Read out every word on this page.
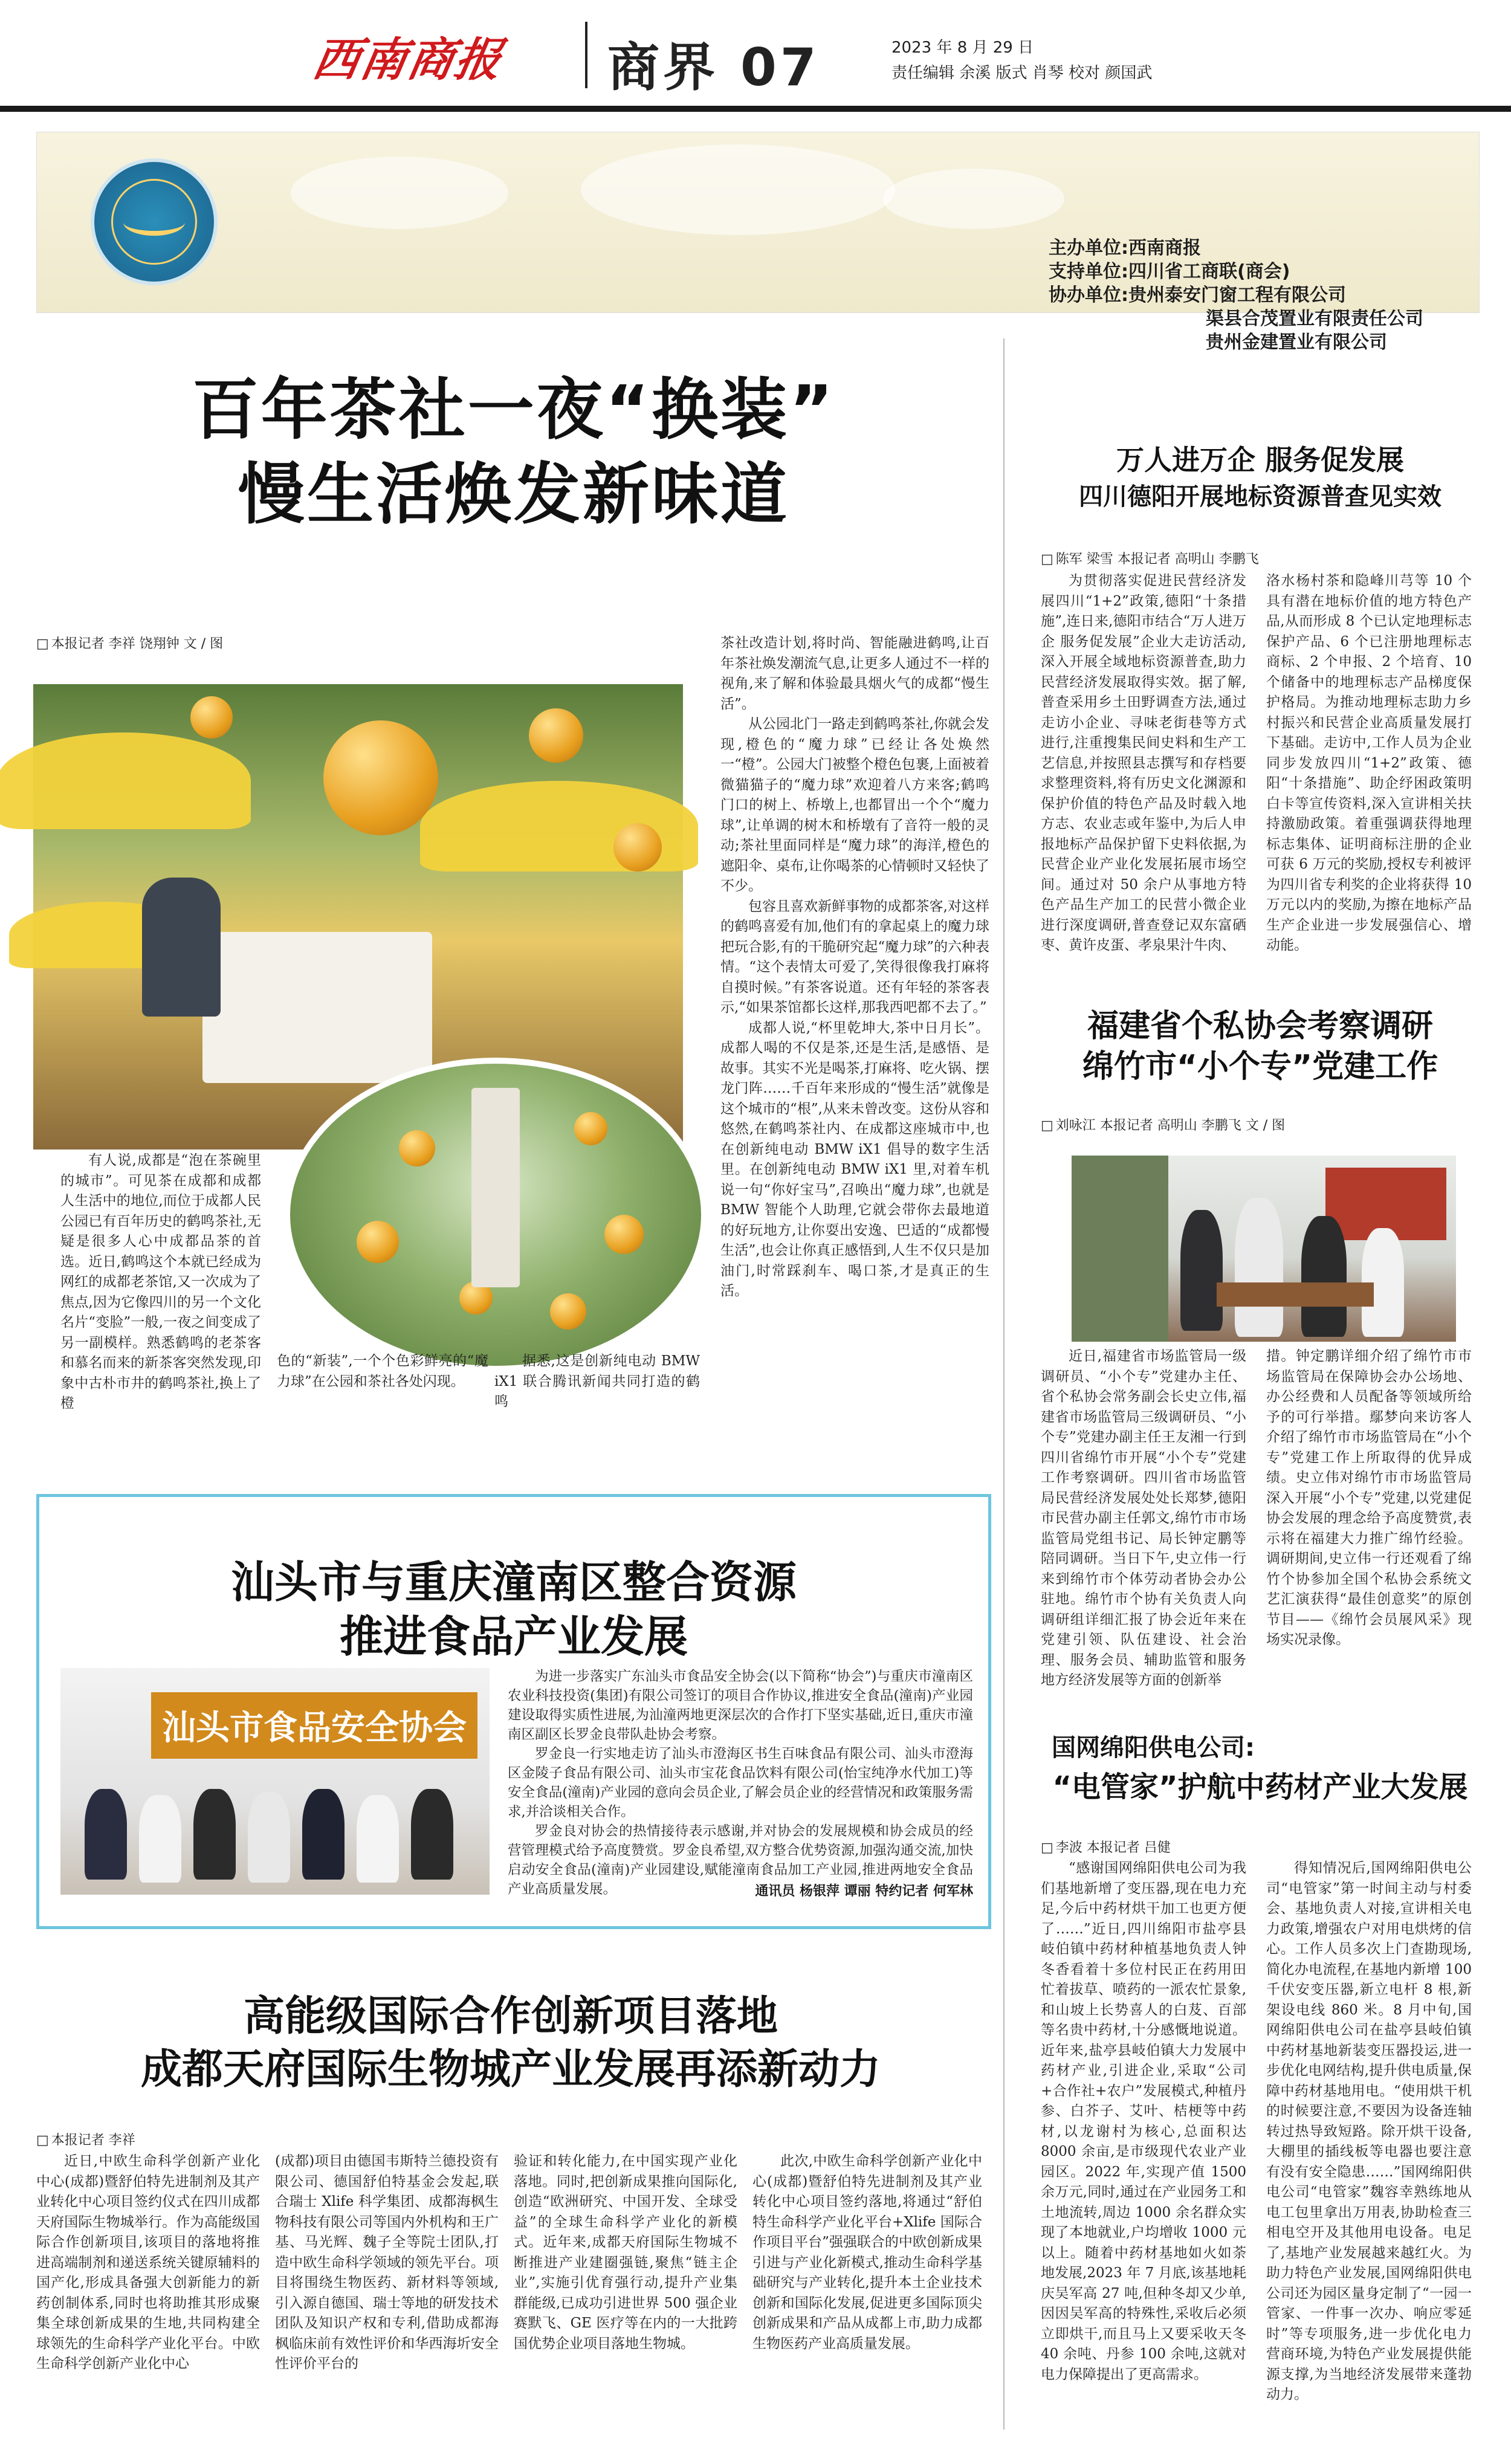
西南商报 商界 07	2023 年 8 月 29 日
责任编辑 余溪 版式 肖琴 校对 颜国武
主办单位:西南商报
支持单位:四川省工商联(商会)
协办单位:贵州泰安门窗工程有限公司
渠县合茂置业有限责任公司
贵州金建置业有限公司
百年茶社一夜“换装”
慢生活焕发新味道
□ 本报记者 李祥 饶翔钟 文 / 图

有人说,成都是“泡在茶碗里的城市”。可见茶在成都和成都人生活中的地位,而位于成都人民公园已有百年历史的鹤鸣茶社,无疑是很多人心中成都品茶的首选。近日,鹤鸣这个本就已经成为网红的成都老茶馆,又一次成为了焦点,因为它像四川的另一个文化名片“变脸”一般,一夜之间变成了另一副模样。熟悉鹤鸣的老茶客和慕名而来的新茶客突然发现,印象中古朴市井的鹤鸣茶社,换上了橙

色的“新装”,一个个色彩鲜亮的“魔力球”在公园和茶社各处闪现。

据悉,这是创新纯电动 BMW iX1 联合腾讯新闻共同打造的鹤鸣

茶社改造计划,将时尚、智能融进鹤鸣,让百年茶社焕发潮流气息,让更多人通过不一样的视角,来了解和体验最具烟火气的成都“慢生活”。

从公园北门一路走到鹤鸣茶社,你就会发现,橙色的“魔力球”已经让各处焕然一“橙”。公园大门被整个橙色包裹,上面被着微猫猫子的“魔力球”欢迎着八方来客;鹤鸣门口的树上、桥墩上,也都冒出一个个“魔力球”,让单调的树木和桥墩有了音符一般的灵动;茶社里面同样是“魔力球”的海洋,橙色的遮阳伞、桌布,让你喝茶的心情顿时又轻快了不少。

包容且喜欢新鲜事物的成都茶客,对这样的鹤鸣喜爱有加,他们有的拿起桌上的魔力球把玩合影,有的干脆研究起“魔力球”的六种表情。“这个表情太可爱了,笑得很像我打麻将自摸时候。”有茶客说道。还有年轻的茶客表示,“如果茶馆都长这样,那我西吧都不去了。”

成都人说,“杯里乾坤大,茶中日月长”。成都人喝的不仅是茶,还是生活,是感悟、是故事。其实不光是喝茶,打麻将、吃火锅、摆龙门阵……千百年来形成的“慢生活”就像是这个城市的“根”,从来未曾改变。这份从容和悠然,在鹤鸣茶社内、在成都这座城市中,也在创新纯电动 BMW iX1 倡导的数字生活里。在创新纯电动 BMW iX1 里,对着车机说一句“你好宝马”,召唤出“魔力球”,也就是 BMW 智能个人助理,它就会带你去最地道的好玩地方,让你耍出安逸、巴适的“成都慢生活”,也会让你真正感悟到,人生不仅只是加油门,时常踩刹车、喝口茶,才是真正的生活。

万人进万企 服务促发展
四川德阳开展地标资源普查见实效
□ 陈军 梁雪 本报记者 高明山 李鹏飞

为贯彻落实促进民营经济发展四川“1+2”政策,德阳“十条措施”,连日来,德阳市结合“万人进万企 服务促发展”企业大走访活动,深入开展全域地标资源普查,助力民营经济发展取得实效。据了解,普查采用乡土田野调查方法,通过走访小企业、寻味老街巷等方式进行,注重搜集民间史料和生产工艺信息,并按照县志撰写和存档要求整理资料,将有历史文化渊源和保护价值的特色产品及时载入地方志、农业志或年鉴中,为后人申报地标产品保护留下史料依据,为民营企业产业化发展拓展市场空间。通过对 50 余户从事地方特色产品生产加工的民营小微企业进行深度调研,普查登记双东富硒枣、黄许皮蛋、孝泉果汁牛肉、

洛水杨村茶和隐峰川芎等 10 个具有潜在地标价值的地方特色产品,从而形成 8 个已认定地理标志保护产品、6 个已注册地理标志商标、2 个申报、2 个培育、10 个储备中的地理标志产品梯度保护格局。为推动地理标志助力乡村振兴和民营企业高质量发展打下基础。走访中,工作人员为企业同步发放四川“1+2”政策、德阳“十条措施”、助企纾困政策明白卡等宣传资料,深入宣讲相关扶持激励政策。着重强调获得地理标志集体、证明商标注册的企业可获 6 万元的奖励,授权专利被评为四川省专利奖的企业将获得 10 万元以内的奖励,为擦在地标产品生产企业进一步发展强信心、增动能。

福建省个私协会考察调研
绵竹市“小个专”党建工作
□ 刘咏江 本报记者 高明山 李鹏飞 文 / 图

近日,福建省市场监管局一级调研员、“小个专”党建办主任、省个私协会常务副会长史立伟,福建省市场监管局三级调研员、“小个专”党建办副主任王友湘一行到四川省绵竹市开展“小个专”党建工作考察调研。四川省市场监管局民营经济发展处处长郑梦,德阳市民营办副主任郭文,绵竹市市场监管局党组书记、局长钟定鹏等陪同调研。当日下午,史立伟一行来到绵竹市个体劳动者协会办公驻地。绵竹市个协有关负责人向调研组详细汇报了协会近年来在党建引领、队伍建设、社会治理、服务会员、辅助监管和服务地方经济发展等方面的创新举

措。钟定鹏详细介绍了绵竹市市场监管局在保障协会办公场地、办公经费和人员配备等领域所给予的可行举措。鄢梦向来访客人介绍了绵竹市市场监管局在“小个专”党建工作上所取得的优异成绩。史立伟对绵竹市市场监管局深入开展“小个专”党建,以党建促协会发展的理念给予高度赞赏,表示将在福建大力推广绵竹经验。调研期间,史立伟一行还观看了绵竹个协参加全国个私协会系统文艺汇演获得“最佳创意奖”的原创节目——《绵竹会员展风采》现场实况录像。

汕头市与重庆潼南区整合资源
推进食品产业发展
汕头市食品安全协会

为进一步落实广东汕头市食品安全协会(以下简称“协会”)与重庆市潼南区农业科技投资(集团)有限公司签订的项目合作协议,推进安全食品(潼南)产业园建设取得实质性进展,为汕潼两地更深层次的合作打下坚实基础,近日,重庆市潼南区副区长罗金良带队赴协会考察。

罗金良一行实地走访了汕头市澄海区书生百味食品有限公司、汕头市澄海区金陵子食品有限公司、汕头市宝花食品饮料有限公司(怡宝纯净水代加工)等安全食品(潼南)产业园的意向会员企业,了解会员企业的经营情况和政策服务需求,并洽谈相关合作。

罗金良对协会的热情接待表示感谢,并对协会的发展规模和协会成员的经营管理模式给予高度赞赏。罗金良希望,双方整合优势资源,加强沟通交流,加快启动安全食品(潼南)产业园建设,赋能潼南食品加工产业园,推进两地安全食品产业高质量发展。	通讯员 杨银萍 谭丽 特约记者 何军林
国网绵阳供电公司:
“电管家”护航中药材产业大发展
□ 李波 本报记者 吕健

“感谢国网绵阳供电公司为我们基地新增了变压器,现在电力充足,今后中药材烘干加工也更方便了……”近日,四川绵阳市盐亭县岐伯镇中药材种植基地负责人钟冬香看着十多位村民正在药用田忙着拔草、喷药的一派农忙景象,和山坡上长势喜人的白芨、百部等名贵中药材,十分感慨地说道。近年来,盐亭县岐伯镇大力发展中药材产业,引进企业,采取“公司+合作社+农户”发展模式,种植丹参、白芥子、艾叶、桔梗等中药材,以龙谢村为核心,总面积达 8000 余亩,是市级现代农业产业园区。2022 年,实现产值 1500 余万元,同时,通过在产业园务工和土地流转,周边 1000 余名群众实现了本地就业,户均增收 1000 元以上。随着中药材基地如火如荼地发展,2023 年 7 月底,该基地耗庆吴军高 27 吨,但种冬却又少单,因因吴军高的特殊性,采收后必须立即烘干,而且马上又要采收天冬 40 余吨、丹参 100 余吨,这就对电力保障提出了更高需求。

得知情况后,国网绵阳供电公司“电管家”第一时间主动与村委会、基地负责人对接,宣讲相关电力政策,增强农户对用电烘烤的信心。工作人员多次上门查勘现场,简化办电流程,在基地内新增 100 千伏安变压器,新立电杆 8 根,新架设电线 860 米。8 月中旬,国网绵阳供电公司在盐亭县岐伯镇中药材基地新装变压器投运,进一步优化电网结构,提升供电质量,保障中药材基地用电。“使用烘干机的时候要注意,不要因为设备连轴转过热导致短路。除开烘干设备,大棚里的插线板等电器也要注意有没有安全隐患……”国网绵阳供电公司“电管家”魏容幸熟练地从电工包里拿出万用表,协助检查三相电空开及其他用电设备。电足了,基地产业发展越来越红火。为助力特色产业发展,国网绵阳供电公司还为园区量身定制了“一园一管家、一件事一次办、响应零延时”等专项服务,进一步优化电力营商环境,为特色产业发展提供能源支撑,为当地经济发展带来蓬勃动力。

高能级国际合作创新项目落地
成都天府国际生物城产业发展再添新动力
□ 本报记者 李祥

近日,中欧生命科学创新产业化中心(成都)暨舒伯特先进制剂及其产业转化中心项目签约仪式在四川成都天府国际生物城举行。作为高能级国际合作创新项目,该项目的落地将推进高端制剂和递送系统关键原辅料的国产化,形成具备强大创新能力的新药创制体系,同时也将助推其形成聚集全球创新成果的生地,共同构建全球领先的生命科学产业化平台。中欧生命科学创新产业化中心

(成都)项目由德国韦斯特兰德投资有限公司、德国舒伯特基金会发起,联合瑞士 Xlife 科学集团、成都海枫生物科技有限公司等国内外机构和王广基、马光辉、魏子全等院士团队,打造中欧生命科学领域的领先平台。项目将围绕生物医药、新材料等领域,引入源自德国、瑞士等地的研发技术团队及知识产权和专利,借助成都海枫临床前有效性评价和华西海圻安全性评价平台的

验证和转化能力,在中国实现产业化落地。同时,把创新成果推向国际化,创造“欧洲研究、中国开发、全球受益”的全球生命科学产业化的新模式。近年来,成都天府国际生物城不断推进产业建圈强链,聚焦“链主企业”,实施引优育强行动,提升产业集群能级,已成功引进世界 500 强企业赛默飞、GE 医疗等在内的一大批跨国优势企业项目落地生物城。

此次,中欧生命科学创新产业化中心(成都)暨舒伯特先进制剂及其产业转化中心项目签约落地,将通过“舒伯特生命科学产业化平台+Xlife 国际合作项目平台”强强联合的中欧创新成果引进与产业化新模式,推动生命科学基础研究与产业转化,提升本土企业技术创新和国际化发展,促进更多国际顶尖创新成果和产品从成都上市,助力成都生物医药产业高质量发展。
